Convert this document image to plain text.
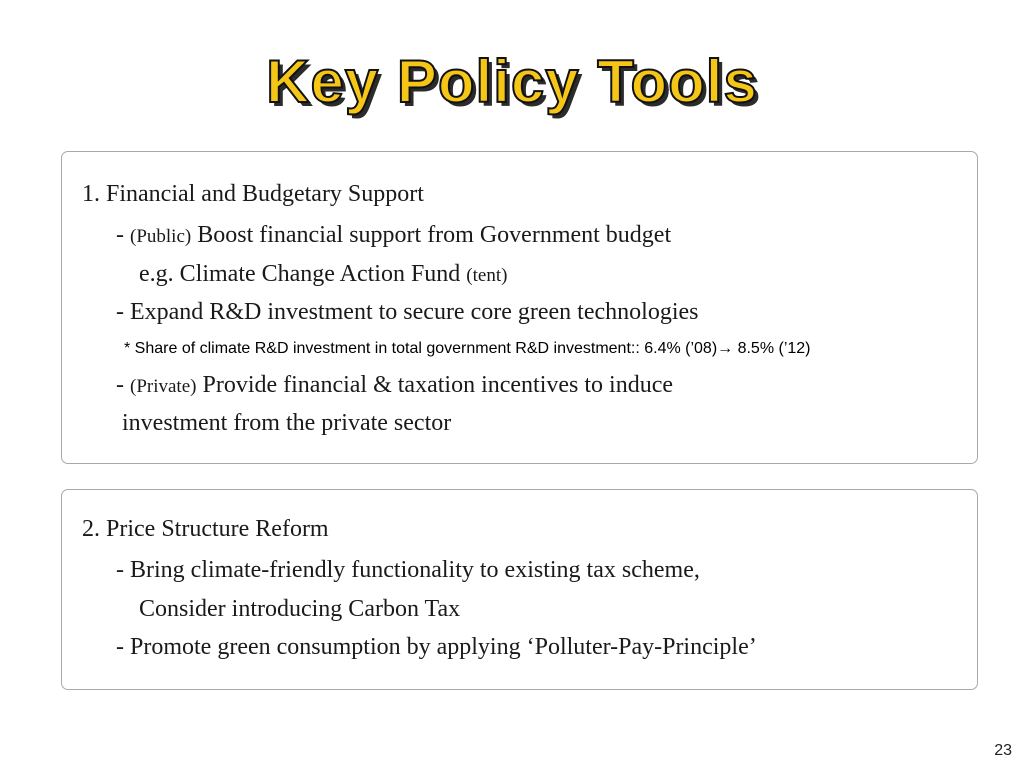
Key Policy Tools
1. Financial and Budgetary Support
- (Public) Boost financial support from Government budget
e.g. Climate Change Action Fund (tent)
- Expand R&D investment to secure core green technologies
* Share of climate R&D investment in total government R&D investment:: 6.4% (’08)→ 8.5% (’12)
- (Private) Provide financial & taxation incentives to induce
investment from the private sector
2. Price Structure Reform
- Bring climate-friendly functionality to existing tax scheme,
Consider introducing Carbon Tax
- Promote green consumption by applying ‘Polluter-Pay-Principle’
23
